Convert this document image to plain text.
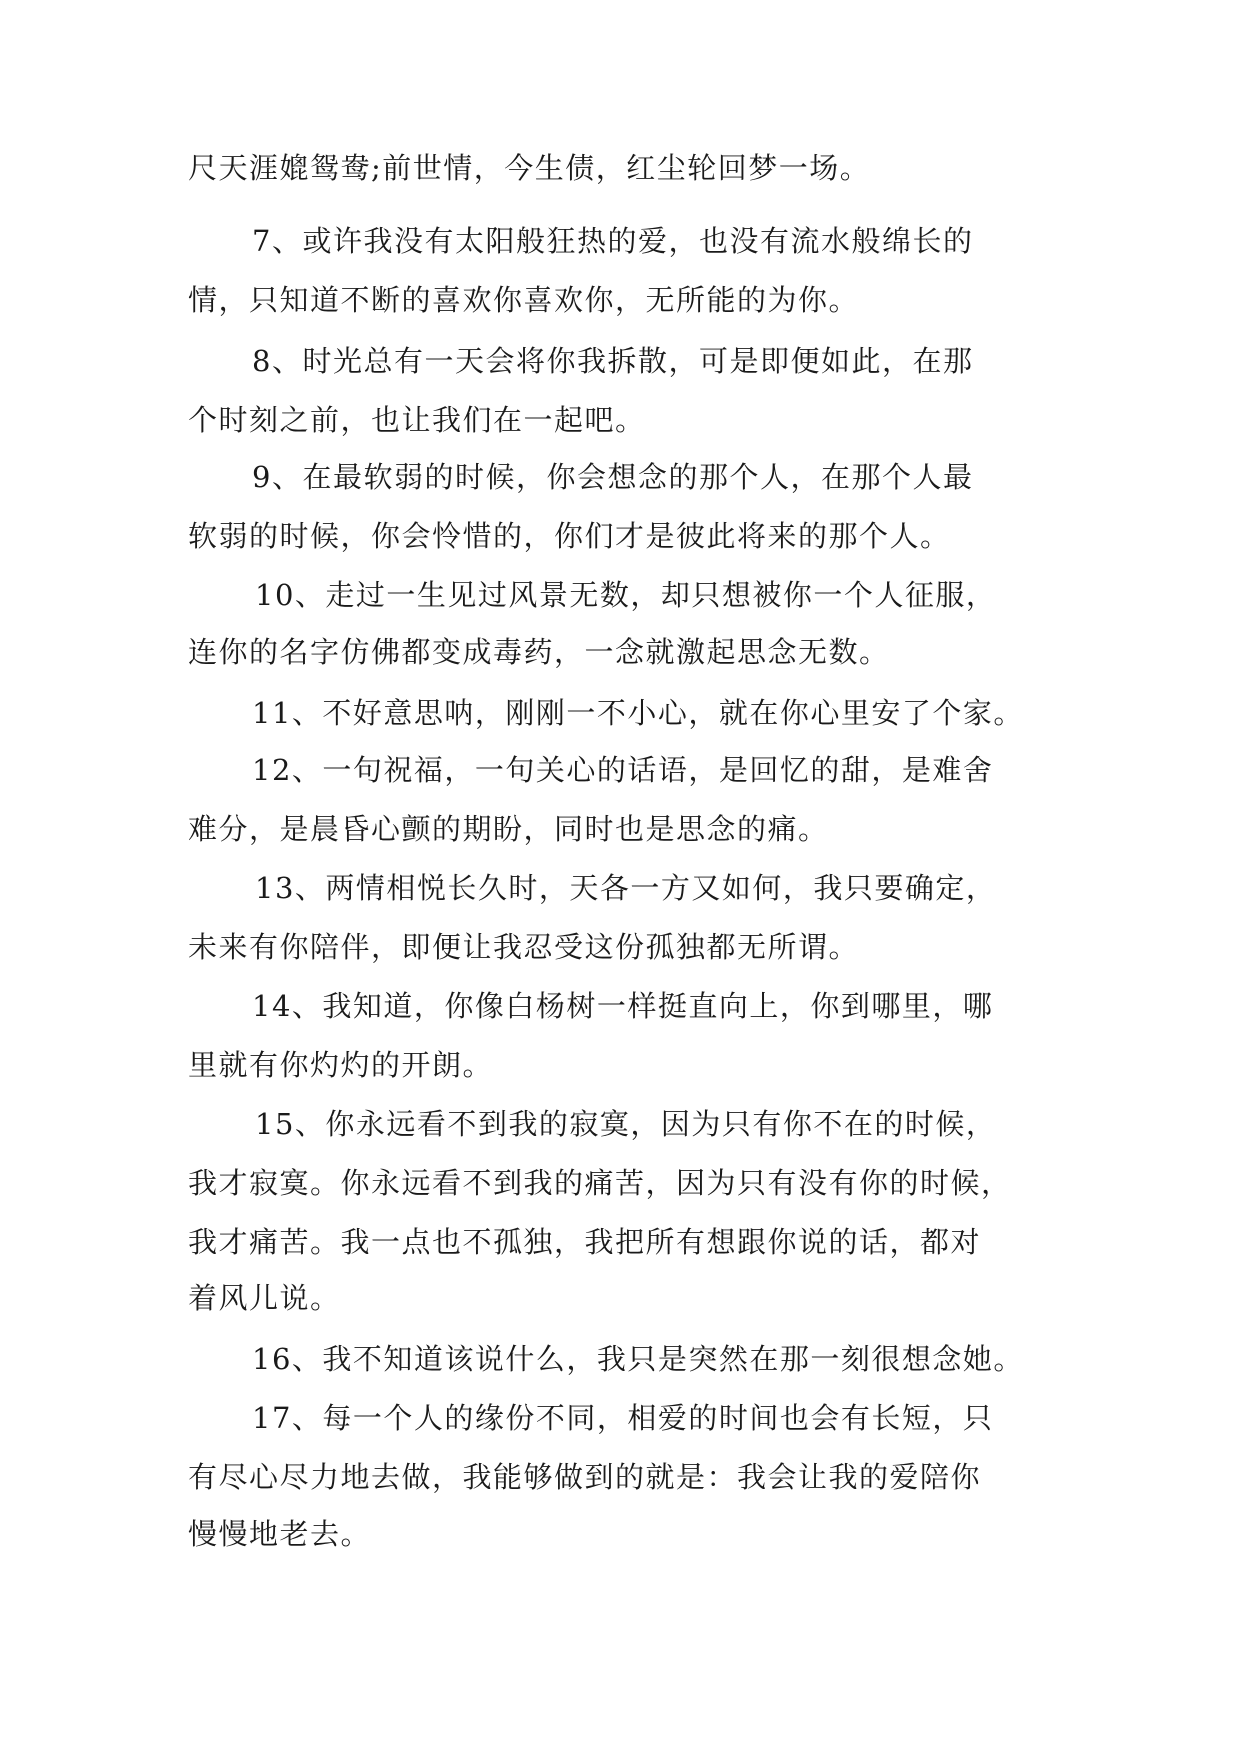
尺天涯媲鸳鸯;前世情，今生债，红尘轮回梦一场。
7、或许我没有太阳般狂热的爱，也没有流水般绵长的
情，只知道不断的喜欢你喜欢你，无所能的为你。
8、时光总有一天会将你我拆散，可是即便如此，在那
个时刻之前，也让我们在一起吧。
9、在最软弱的时候，你会想念的那个人，在那个人最
软弱的时候，你会怜惜的，你们才是彼此将来的那个人。
10、走过一生见过风景无数，却只想被你一个人征服，
连你的名字仿佛都变成毒药，一念就激起思念无数。
11、不好意思呐，刚刚一不小心，就在你心里安了个家。
12、一句祝福，一句关心的话语，是回忆的甜，是难舍
难分，是晨昏心颤的期盼，同时也是思念的痛。
13、两情相悦长久时，天各一方又如何，我只要确定，
未来有你陪伴，即便让我忍受这份孤独都无所谓。
14、我知道，你像白杨树一样挺直向上，你到哪里，哪
里就有你灼灼的开朗。
15、你永远看不到我的寂寞，因为只有你不在的时候，
我才寂寞。你永远看不到我的痛苦，因为只有没有你的时候，
我才痛苦。我一点也不孤独，我把所有想跟你说的话，都对
着风儿说。
16、我不知道该说什么，我只是突然在那一刻很想念她。
17、每一个人的缘份不同，相爱的时间也会有长短，只
有尽心尽力地去做，我能够做到的就是：我会让我的爱陪你
慢慢地老去。
